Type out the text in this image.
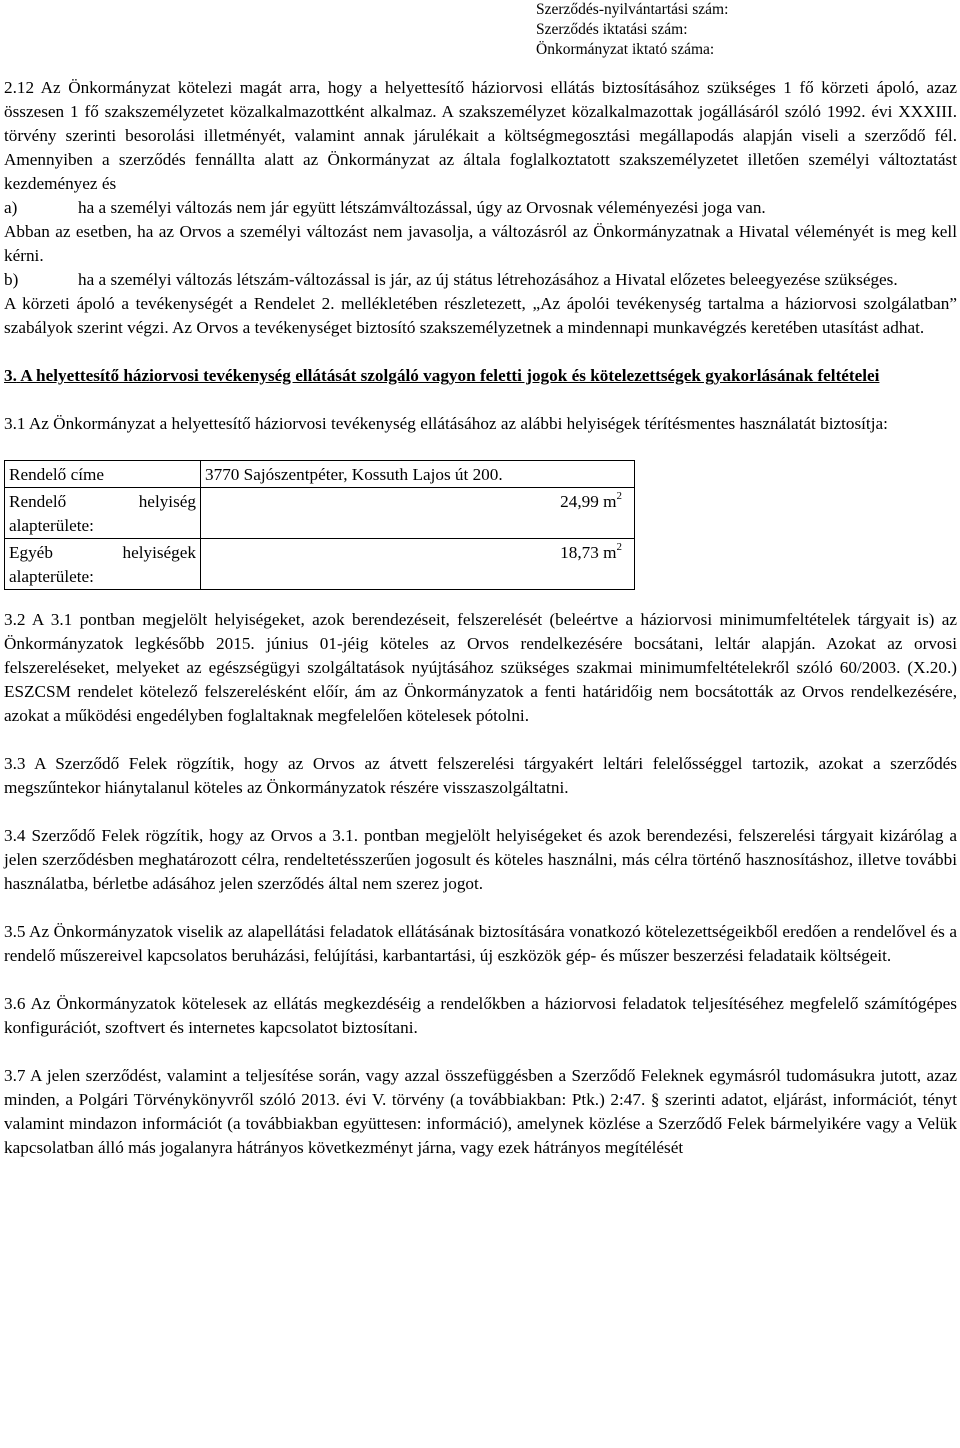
Szerződés-nyilvántartási szám:
Szerződés iktatási szám:
Önkormányzat iktató száma:

2.12 Az Önkormányzat kötelezi magát arra, hogy a helyettesítő háziorvosi ellátás biztosításához szükséges 1 fő körzeti ápoló, azaz összesen 1 fő szakszemélyzetet közalkalmazottként alkalmaz. A szakszemélyzet közalkalmazottak jogállásáról szóló 1992. évi XXXIII. törvény szerinti besorolási illetményét, valamint annak járulékait a költségmegosztási megállapodás alapján viseli a szerződő fél. Amennyiben a szerződés fennállta alatt az Önkormányzat az általa foglalkoztatott szakszemélyzetet illetően személyi változtatást kezdeményez és

a)	ha a személyi változás nem jár együtt létszámváltozással, úgy az Orvosnak véleményezési joga van.

Abban az esetben, ha az Orvos a személyi változást nem javasolja, a változásról az Önkormányzatnak a Hivatal véleményét is meg kell kérni.

b)	ha a személyi változás létszám-változással is jár, az új státus létrehozásához a Hivatal előzetes beleegyezése szükséges.

A körzeti ápoló a tevékenységét a Rendelet 2. mellékletében részletezett, „Az ápolói tevékenység tartalma a háziorvosi szolgálatban” szabályok szerint végzi. Az Orvos a tevékenységet biztosító szakszemélyzetnek a mindennapi munkavégzés keretében utasítást adhat.

3. A helyettesítő háziorvosi tevékenység ellátását szolgáló vagyon feletti jogok és kötelezettségek gyakorlásának feltételei

3.1 Az Önkormányzat a helyettesítő háziorvosi tevékenység ellátásához az alábbi helyiségek térítésmentes használatát biztosítja:

Rendelő címe	3770 Sajószentpéter, Kossuth Lajos út 200.
Rendelő helyiség alapterülete:	24,99 $m^2$
Egyéb helyiségek alapterülete:	18,73 $m^2$

3.2 A 3.1 pontban megjelölt helyiségeket, azok berendezéseit, felszerelését (beleértve a háziorvosi minimumfeltételek tárgyait is) az Önkormányzatok legkésőbb 2015. június 01-jéig köteles az Orvos rendelkezésére bocsátani, leltár alapján. Azokat az orvosi felszereléseket, melyeket az egészségügyi szolgáltatások nyújtásához szükséges szakmai minimumfeltételekről szóló 60/2003. (X.20.) ESZCSM rendelet kötelező felszerelésként előír, ám az Önkormányzatok a fenti határidőig nem bocsátották az Orvos rendelkezésére, azokat a működési engedélyben foglaltaknak megfelelően kötelesek pótolni.

3.3 A Szerződő Felek rögzítik, hogy az Orvos az átvett felszerelési tárgyakért leltári felelősséggel tartozik, azokat a szerződés megszűntekor hiánytalanul köteles az Önkormányzatok részére visszaszolgáltatni.

3.4 Szerződő Felek rögzítik, hogy az Orvos a 3.1. pontban megjelölt helyiségeket és azok berendezési, felszerelési tárgyait kizárólag a jelen szerződésben meghatározott célra, rendeltetésszerűen jogosult és köteles használni, más célra történő hasznosításhoz, illetve további használatba, bérletbe adásához jelen szerződés által nem szerez jogot.

3.5 Az Önkormányzatok viselik az alapellátási feladatok ellátásának biztosítására vonatkozó kötelezettségeikből eredően a rendelővel és a rendelő műszereivel kapcsolatos beruházási, felújítási, karbantartási, új eszközök gép- és műszer beszerzési feladataik költségeit.

3.6 Az Önkormányzatok kötelesek az ellátás megkezdéséig a rendelőkben a háziorvosi feladatok teljesítéséhez megfelelő számítógépes konfigurációt, szoftvert és internetes kapcsolatot biztosítani.

3.7 A jelen szerződést, valamint a teljesítése során, vagy azzal összefüggésben a Szerződő Feleknek egymásról tudomásukra jutott, azaz minden, a Polgári Törvénykönyvről szóló 2013. évi V. törvény (a továbbiakban: Ptk.) 2:47. § szerinti adatot, eljárást, információt, tényt valamint mindazon információt (a továbbiakban együttesen: információ), amelynek közlése a Szerződő Felek bármelyikére vagy a Velük kapcsolatban álló más jogalanyra hátrányos következményt járna, vagy ezek hátrányos megítélését
